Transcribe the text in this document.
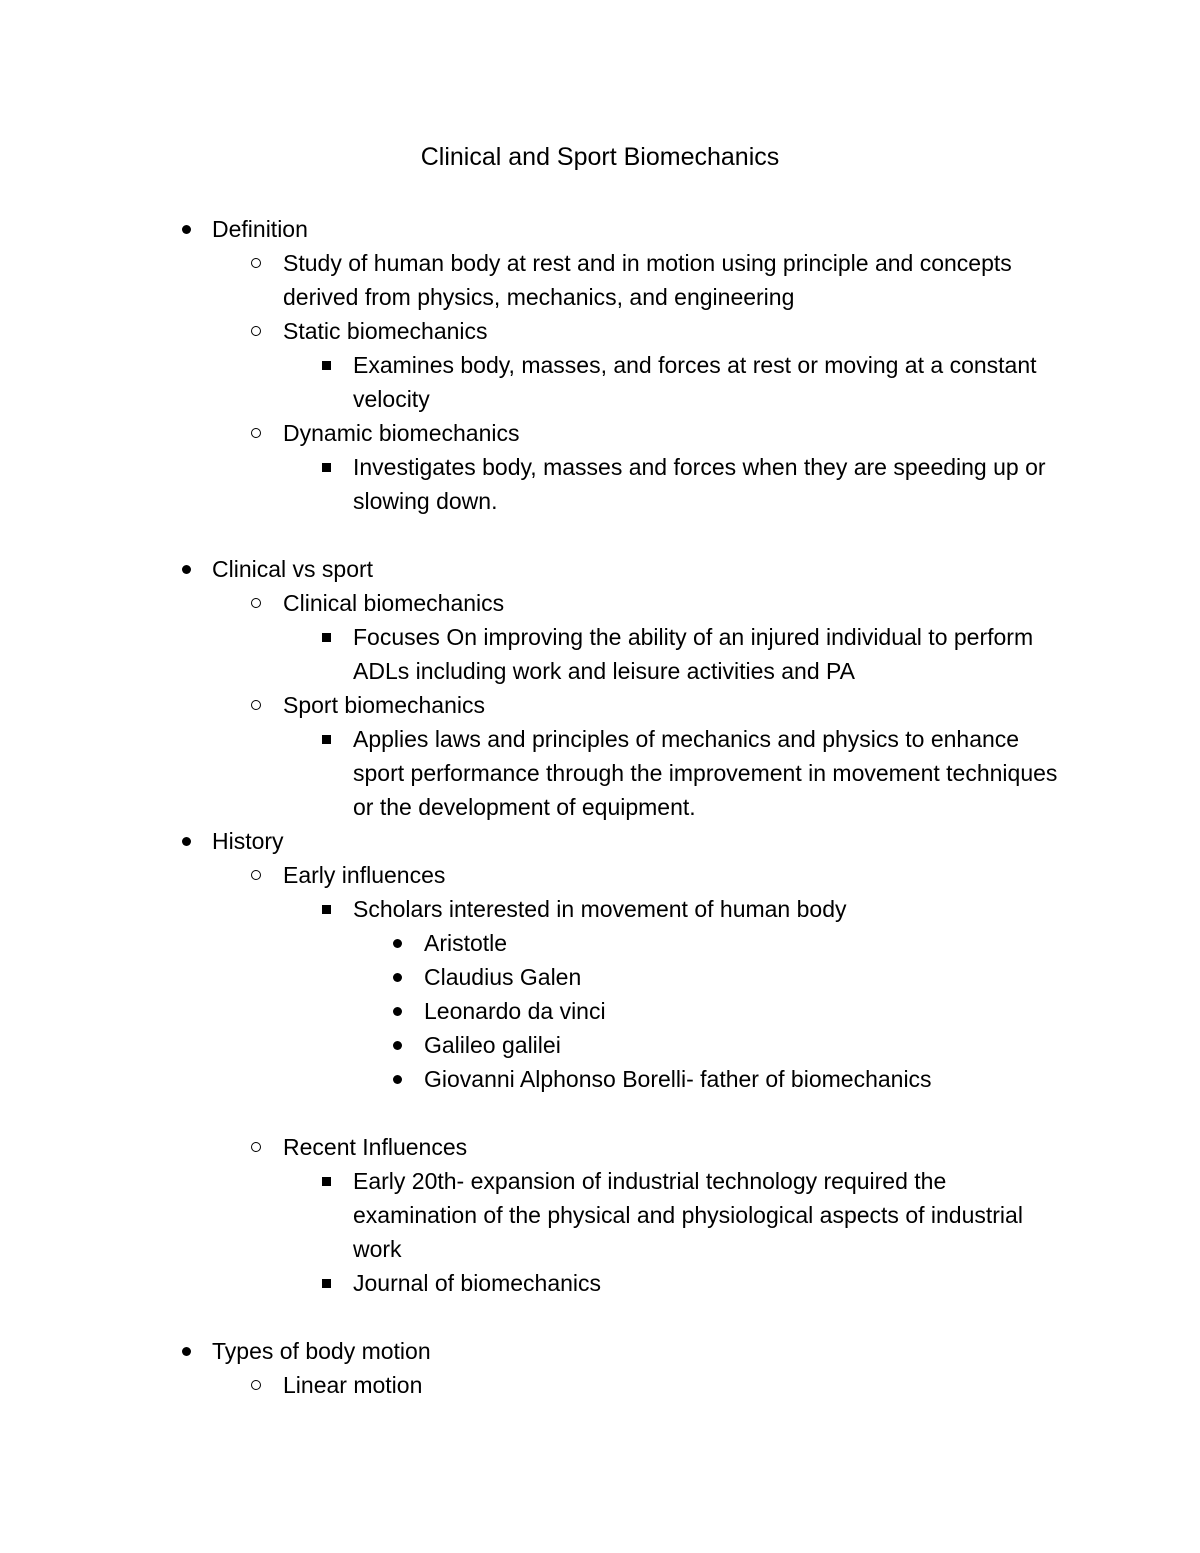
Clinical and Sport Biomechanics
Definition
Study of human body at rest and in motion using principle and concepts derived from physics, mechanics, and engineering
Static biomechanics
Examines body, masses, and forces at rest or moving at a constant velocity
Dynamic biomechanics
Investigates body, masses and forces when they are speeding up or slowing down.
Clinical vs sport
Clinical biomechanics
Focuses On improving the ability of an injured individual to perform ADLs including work and leisure activities and PA
Sport biomechanics
Applies laws and principles of mechanics and physics to enhance sport performance through the improvement in movement techniques or the development of equipment.
History
Early influences
Scholars interested in movement of human body
Aristotle
Claudius Galen
Leonardo da vinci
Galileo galilei
Giovanni Alphonso Borelli- father of biomechanics
Recent Influences
Early 20th- expansion of industrial technology required the examination of the physical and physiological aspects of industrial work
Journal of biomechanics
Types of body motion
Linear motion
